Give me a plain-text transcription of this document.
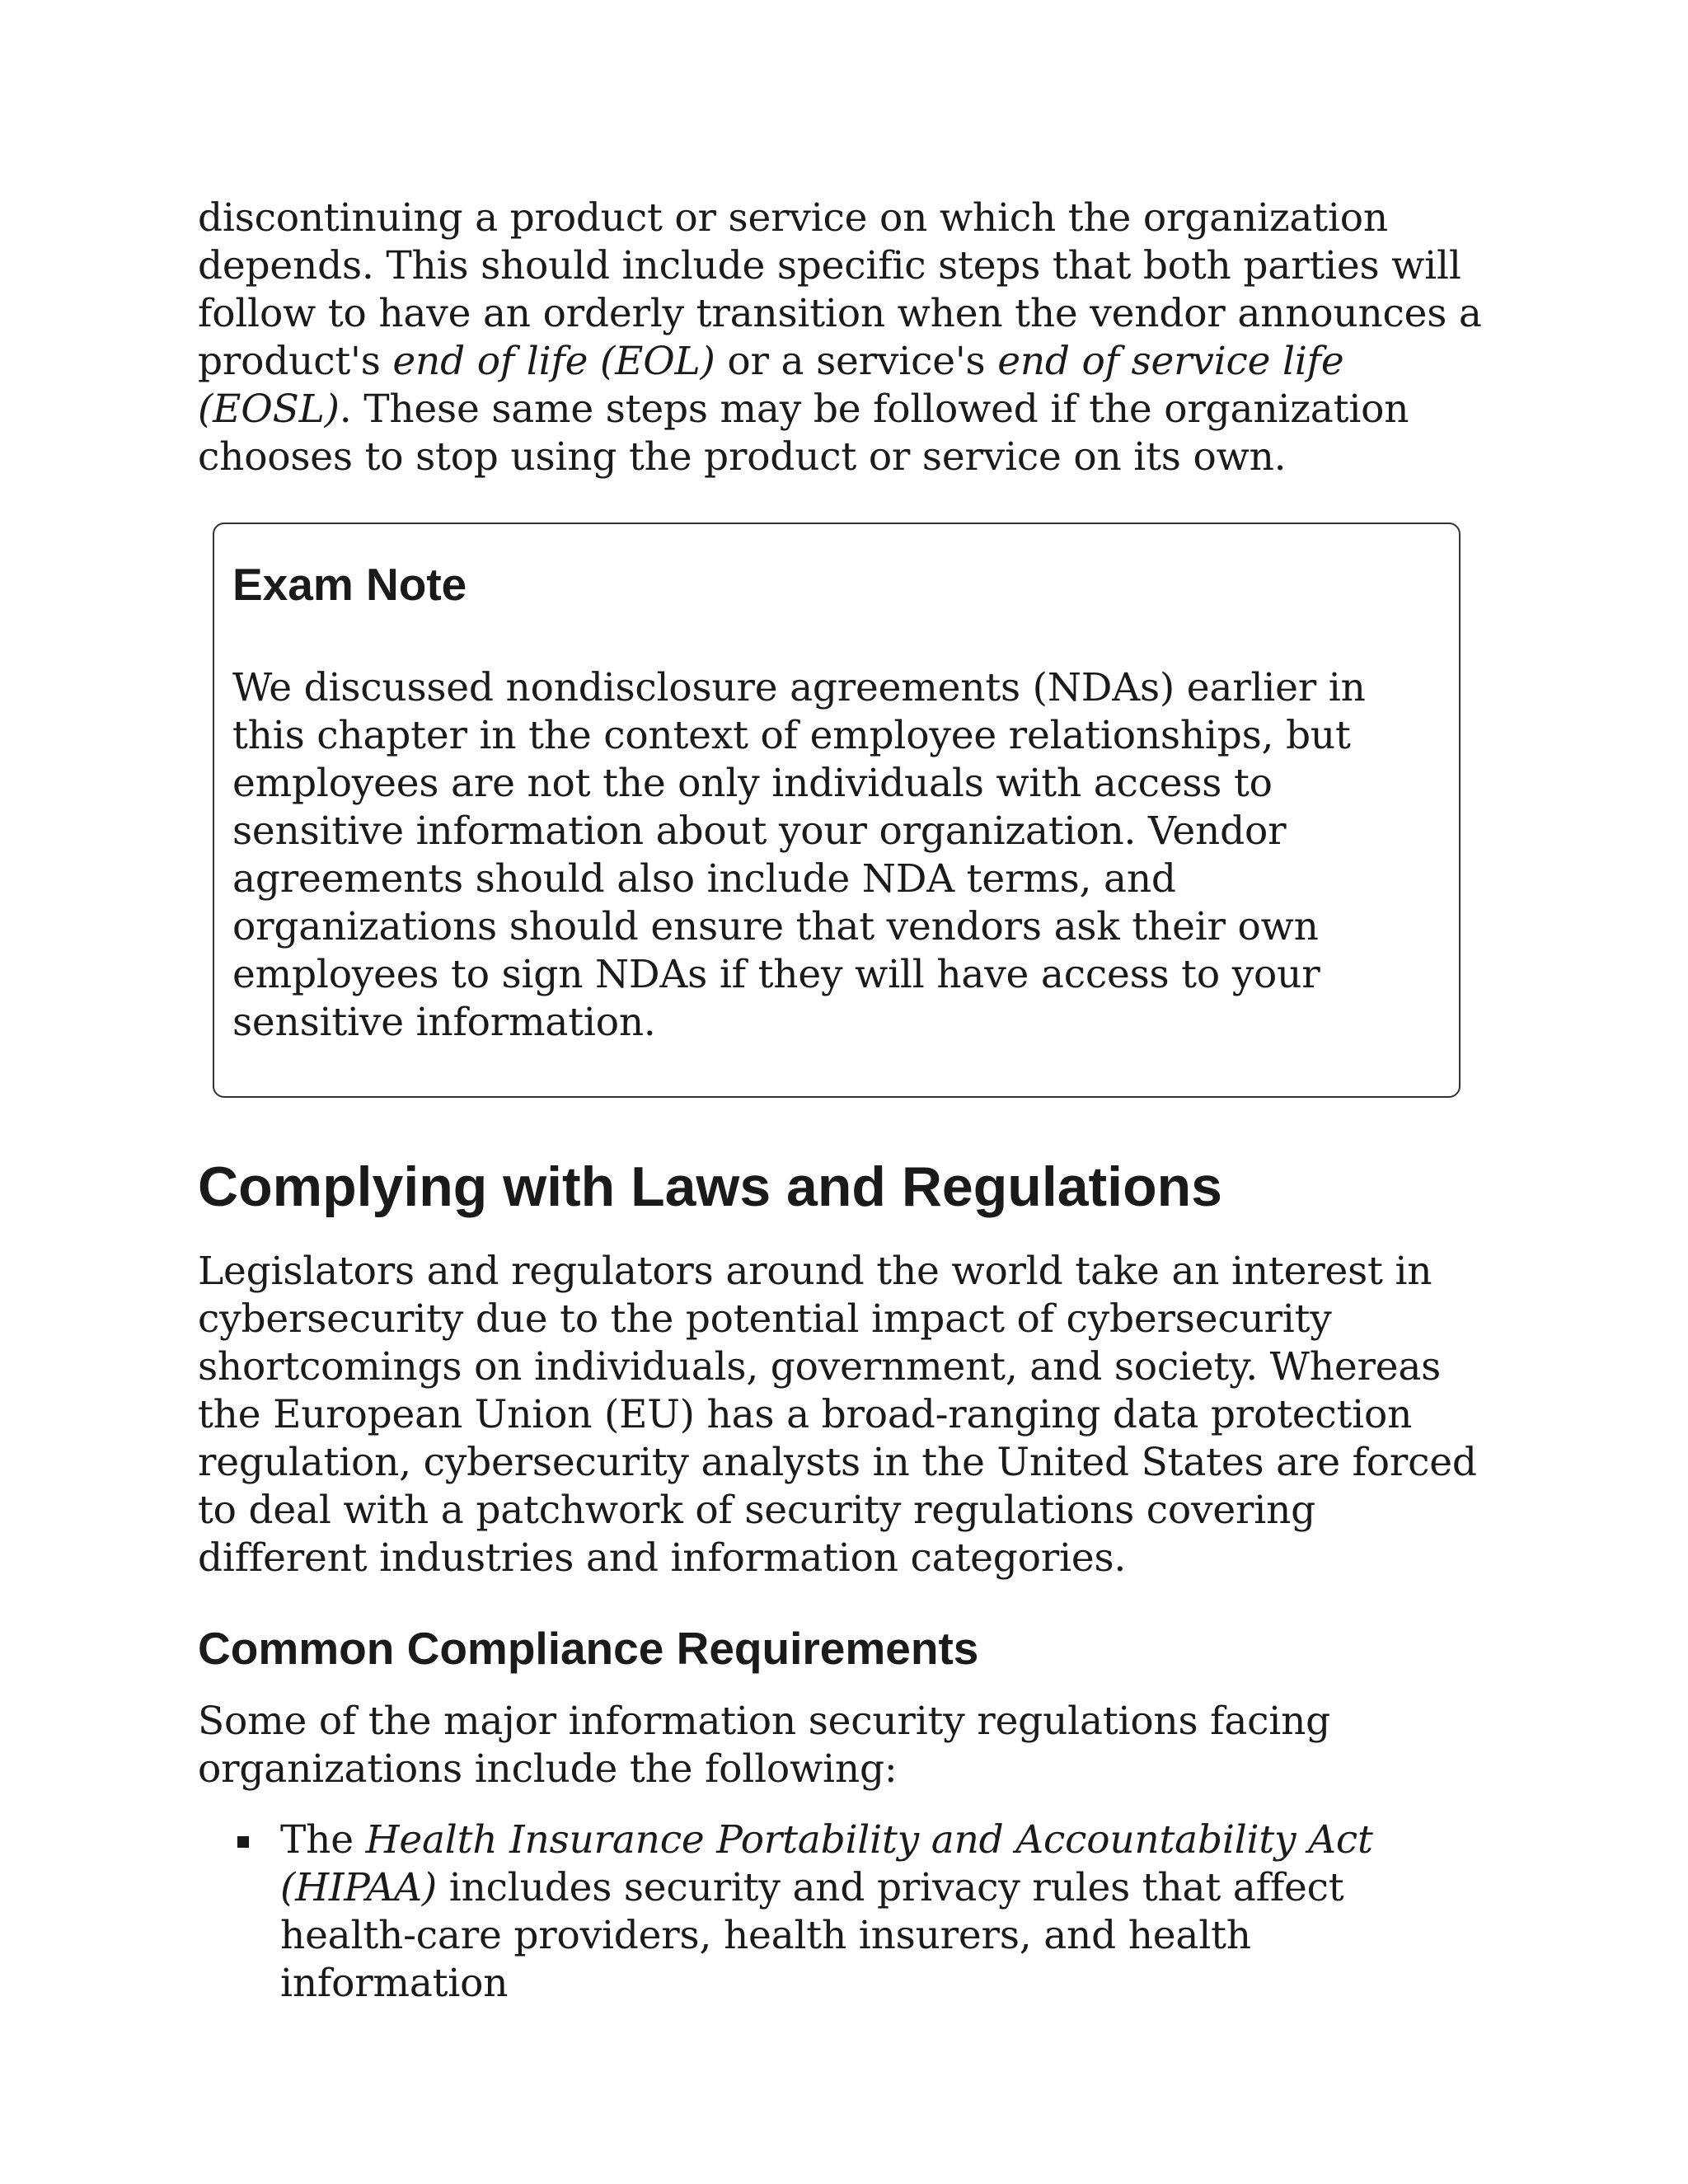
discontinuing a product or service on which the organization depends. This should include specific steps that both parties will follow to have an orderly transition when the vendor announces a product's end of life (EOL) or a service's end of service life (EOSL). These same steps may be followed if the organization chooses to stop using the product or service on its own.

Exam Note

We discussed nondisclosure agreements (NDAs) earlier in this chapter in the context of employee relationships, but employees are not the only individuals with access to sensitive information about your organization. Vendor agreements should also include NDA terms, and organizations should ensure that vendors ask their own employees to sign NDAs if they will have access to your sensitive information.

Complying with Laws and Regulations

Legislators and regulators around the world take an interest in cybersecurity due to the potential impact of cybersecurity shortcomings on individuals, government, and society. Whereas the European Union (EU) has a broad-ranging data protection regulation, cybersecurity analysts in the United States are forced to deal with a patchwork of security regulations covering different industries and information categories.

Common Compliance Requirements

Some of the major information security regulations facing organizations include the following:

The Health Insurance Portability and Accountability Act (HIPAA) includes security and privacy rules that affect health-care providers, health insurers, and health information
